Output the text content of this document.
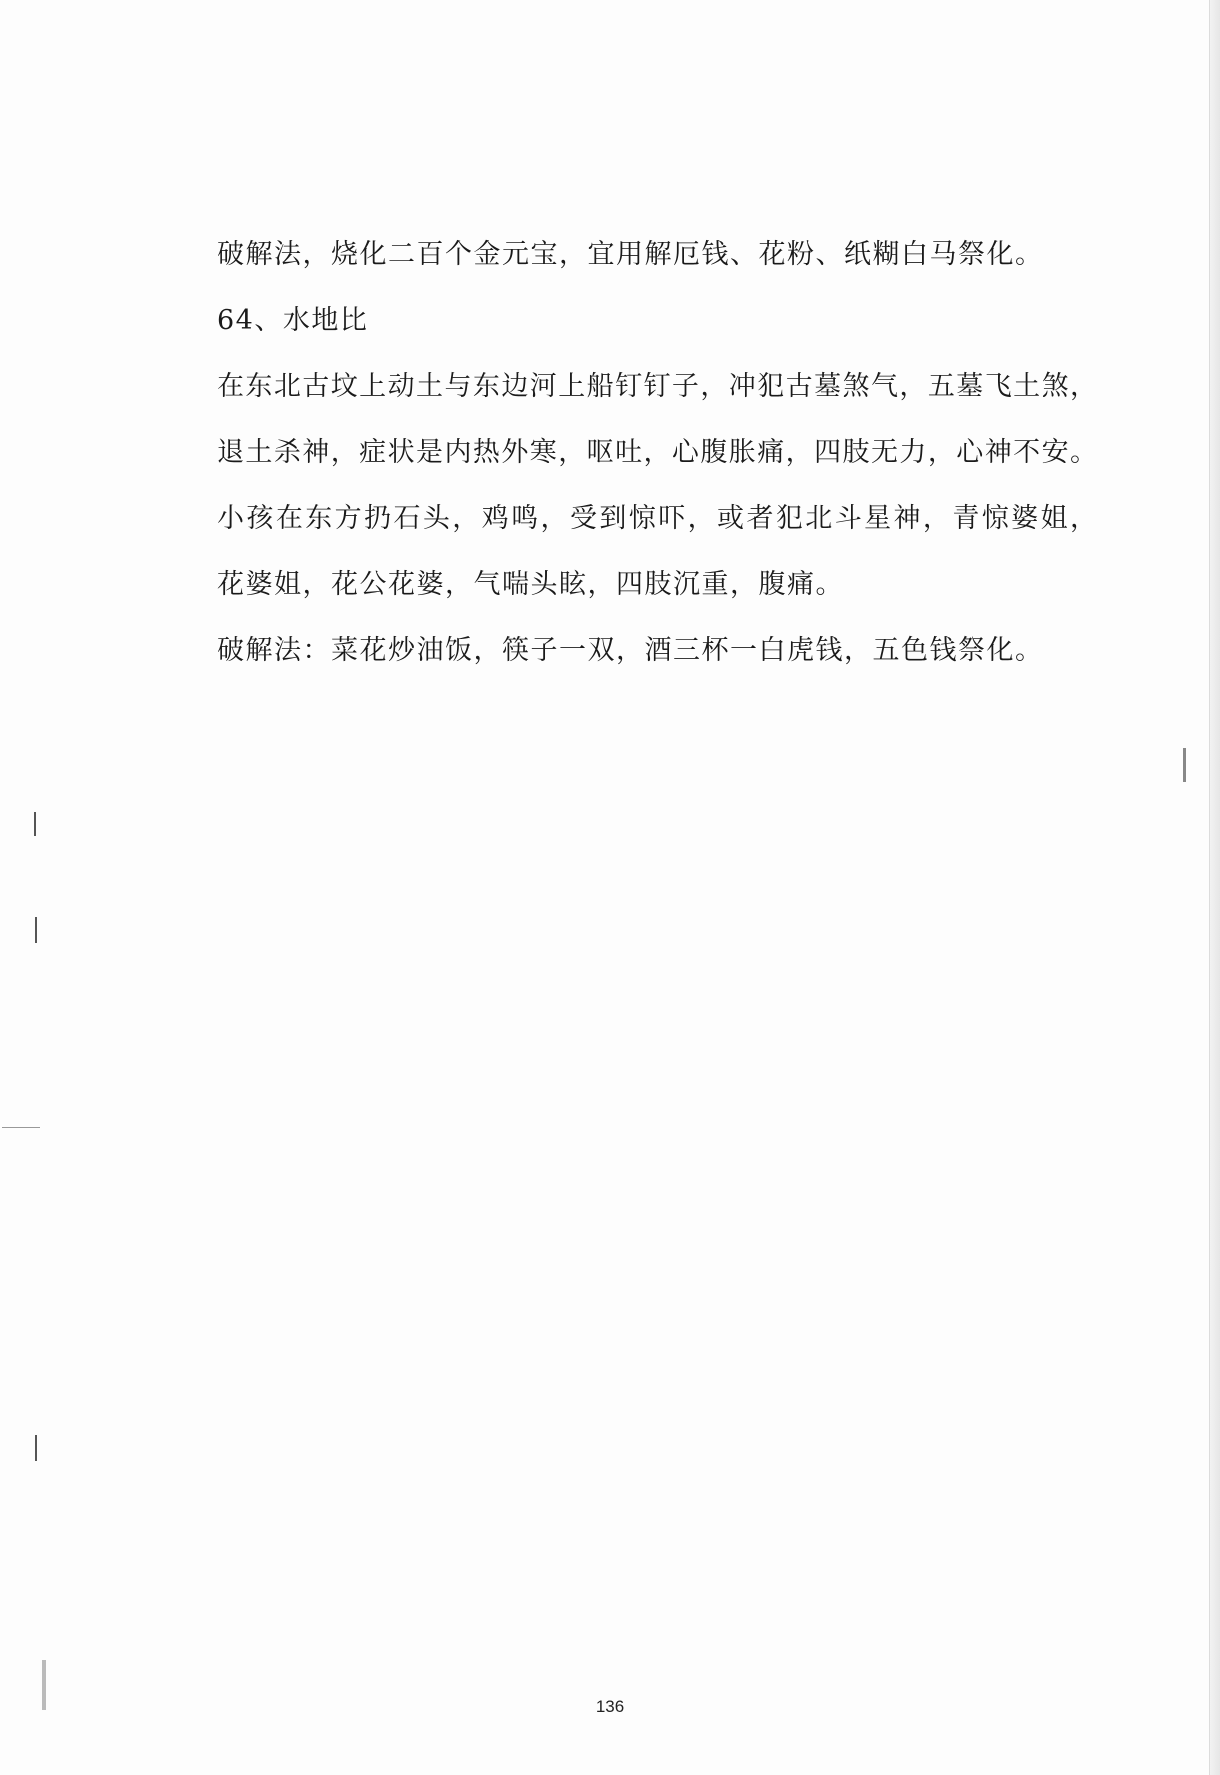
破解法，烧化二百个金元宝，宜用解厄钱、花粉、纸糊白马祭化。
64、水地比
在东北古坟上动土与东边河上船钉钉子，冲犯古墓煞气，五墓飞土煞，
退土杀神，症状是内热外寒，呕吐，心腹胀痛，四肢无力，心神不安。
小孩在东方扔石头，鸡鸣，受到惊吓，或者犯北斗星神，青惊婆姐，
花婆姐，花公花婆，气喘头眩，四肢沉重，腹痛。
破解法：菜花炒油饭，筷子一双，酒三杯一白虎钱，五色钱祭化。
136
